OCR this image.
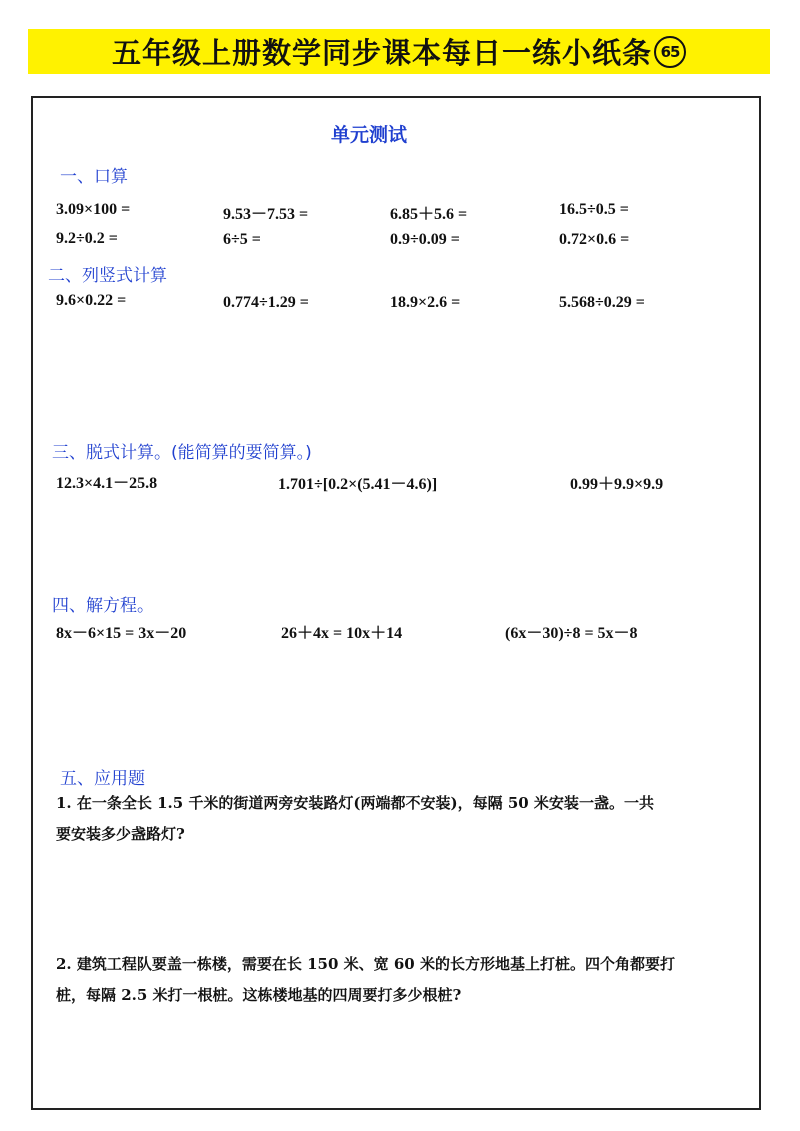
五年级上册数学同步课本每日一练小纸条 65
单元测试
一、口算
3.09×100 =	9.53－7.53 =	6.85＋5.6 =	16.5÷0.5 =
9.2÷0.2 =	6÷5 =	0.9÷0.09 =	0.72×0.6 =
二、列竖式计算
9.6×0.22 =	0.774÷1.29 =	18.9×2.6 =	5.568÷0.29 =
三、脱式计算。(能简算的要简算。)
12.3×4.1－25.8	1.701÷[0.2×(5.41－4.6)]	0.99＋9.9×9.9
四、解方程。
8x－6×15 = 3x－20	26＋4x = 10x＋14	(6x－30)÷8 = 5x－8
五、应用题
1. 在一条全长 1.5 千米的街道两旁安装路灯(两端都不安装)，每隔 50 米安装一盏。一共
要安装多少盏路灯?
2. 建筑工程队要盖一栋楼，需要在长 150 米、宽 60 米的长方形地基上打桩。四个角都要打
桩，每隔 2.5 米打一根桩。这栋楼地基的四周要打多少根桩?
